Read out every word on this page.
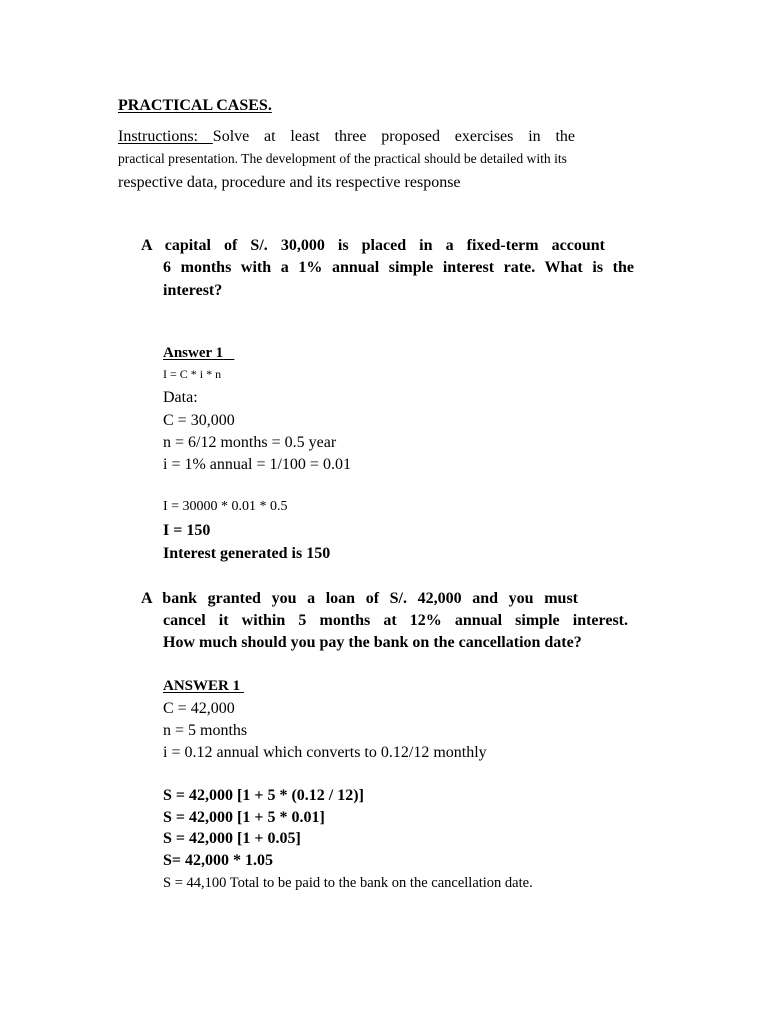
PRACTICAL CASES.
Instructions: Solve at least three proposed exercises in the
practical presentation. The development of the practical should be detailed with its
respective data, procedure and its respective response
A capital of S/. 30,000 is placed in a fixed-term account
6 months with a 1% annual simple interest rate. What is the
interest?
Answer 1
I = C * i * n
Data:
C = 30,000
n = 6/12 months = 0.5 year
i = 1% annual = 1/100 = 0.01
I = 30000 * 0.01 * 0.5
I = 150
Interest generated is 150
A bank granted you a loan of S/. 42,000 and you must
cancel it within 5 months at 12% annual simple interest.
How much should you pay the bank on the cancellation date?
ANSWER 1
C = 42,000
n = 5 months
i = 0.12 annual which converts to 0.12/12 monthly
S = 42,000 [1 + 5 * (0.12 / 12)]
S = 42,000 [1 + 5 * 0.01]
S = 42,000 [1 + 0.05]
S= 42,000 * 1.05
S = 44,100 Total to be paid to the bank on the cancellation date.
